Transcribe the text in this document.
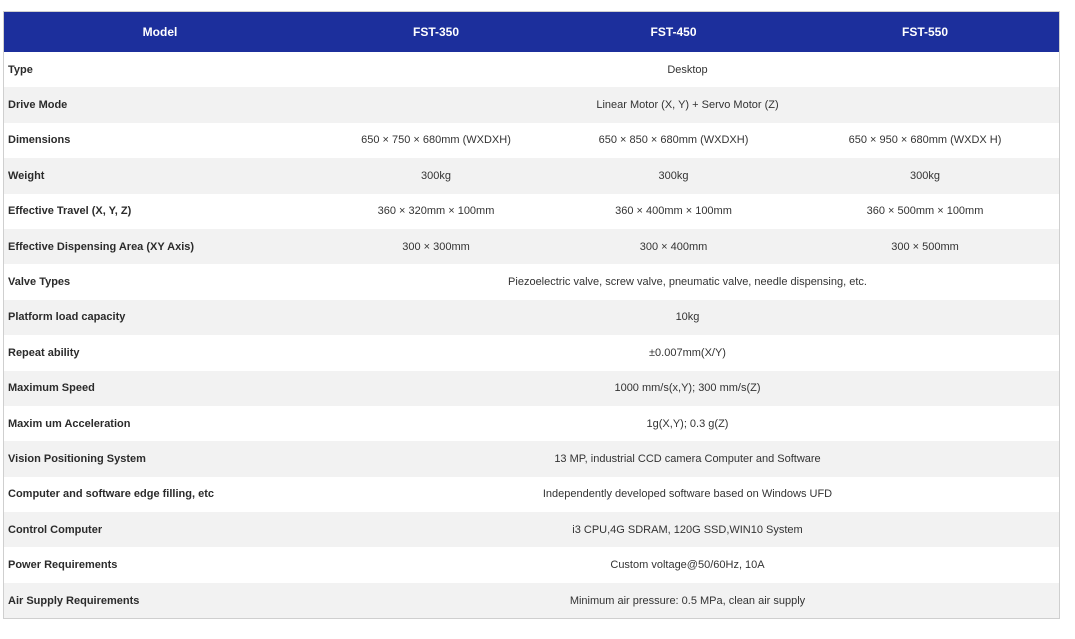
Model	FST-350	FST-450	FST-550
Type	Desktop		
Drive Mode	Linear Motor (X, Y) + Servo Motor (Z)		
Dimensions	650 × 750 × 680mm (WXDXH)	650 × 850 × 680mm (WXDXH)	650 × 950 × 680mm (WXDX H)
Weight	300kg	300kg	300kg
Effective Travel (X, Y, Z)	360 × 320mm × 100mm	360 × 400mm × 100mm	360 × 500mm × 100mm
Effective Dispensing Area (XY Axis)	300 × 300mm	300 × 400mm	300 × 500mm
Valve Types	Piezoelectric valve, screw valve, pneumatic valve, needle dispensing, etc.		
Platform load capacity	10kg		
Repeat ability	±0.007mm(X/Y)		
Maximum Speed	1000 mm/s(x,Y); 300 mm/s(Z)		
Maxim um Acceleration	1g(X,Y); 0.3 g(Z)		
Vision Positioning System	13 MP, industrial CCD camera Computer and Software		
Computer and software edge filling, etc	Independently developed software based on Windows UFD		
Control Computer	i3 CPU,4G SDRAM, 120G SSD,WIN10 System		
Power Requirements	Custom voltage@50/60Hz, 10A		
Air Supply Requirements	Minimum air pressure: 0.5 MPa, clean air supply		
